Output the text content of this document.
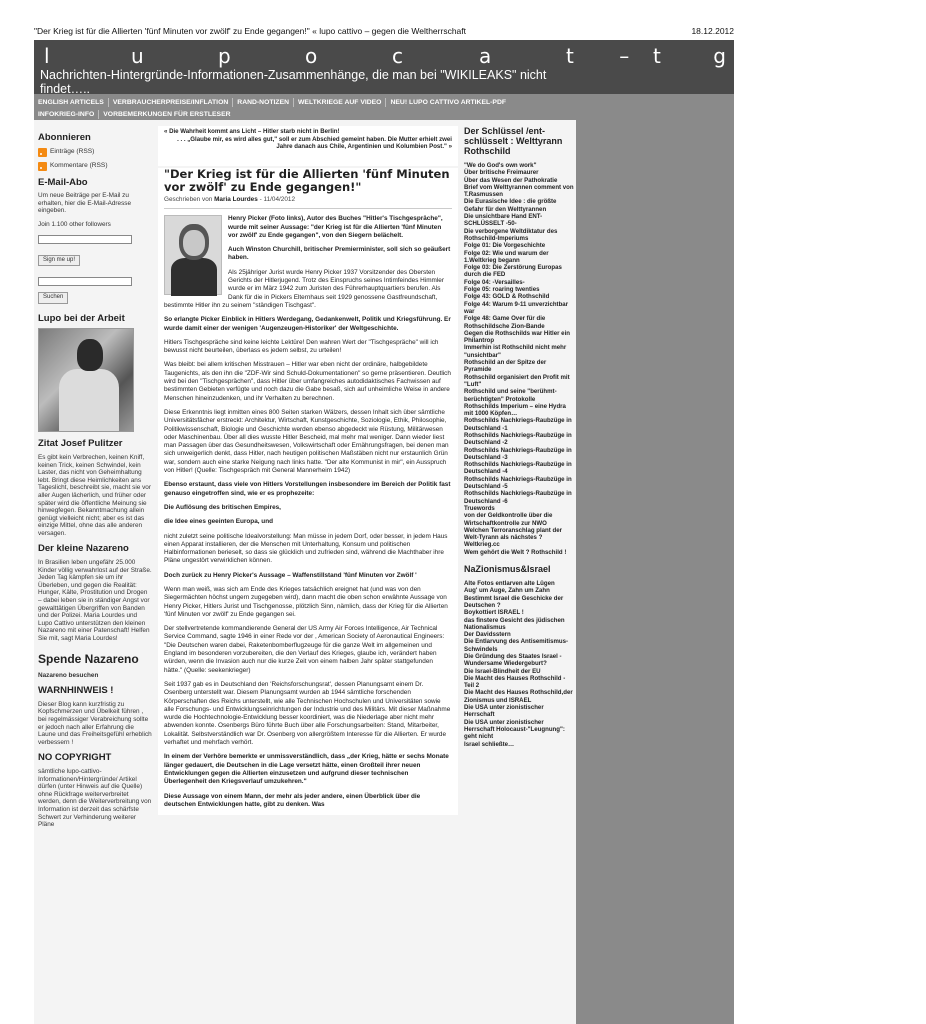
"Der Krieg ist für die Allierten 'fünf Minuten vor zwölf' zu Ende gegangen!" « lupo cattivo – gegen die Weltherrschaft	18.12.2012
l	u	p	o	c	a	t	t	i	v	o
–	g
Nachrichten-Hintergründe-Informationen-Zusammenhänge, die man bei "WIKILEAKS" nicht findet…..
ENGLISH ARTICELS	VERBRAUCHERPREISE/INFLATION	RAND-NOTIZEN	WELTKRIEGE AUF VIDEO	NEU! LUPO CATTIVO ARTIKEL-PDF
INFOKRIEG-INFO	VORBEMERKUNGEN FÜR ERSTLESER
Abonnieren
Einträge (RSS)
Kommentare (RSS)
E-Mail-Abo
Um neue Beiträge per E-Mail zu erhalten, hier die E-Mail-Adresse eingeben.
Join 1.100 other followers
Sign me up!
Suchen
Lupo bei der Arbeit
Zitat Josef Pulitzer
Es gibt kein Verbrechen, keinen Kniff, keinen Trick, keinen Schwindel, kein Laster, das nicht von Geheimhaltung lebt. Bringt diese Heimlichkeiten ans Tageslicht, beschreibt sie, macht sie vor aller Augen lächerlich, und früher oder später wird die öffentliche Meinung sie hinwegfegen. Bekanntmachung allein genügt vielleicht nicht; aber es ist das einzige Mittel, ohne das alle anderen versagen.
Der kleine Nazareno
In Brasilien leben ungefähr 25.000 Kinder völlig verwahrlost auf der Straße. Jeden Tag kämpfen sie um ihr Überleben, und gegen die Realität: Hunger, Kälte, Prostitution und Drogen – dabei leben sie in ständiger Angst vor gewalttätigen Übergriffen von Banden und der Polizei. Maria Lourdes und Lupo Cattivo unterstützen den kleinen Nazareno mit einer Patenschaft! Helfen Sie mit, sagt Maria Lourdes!
Spende Nazareno
Nazareno besuchen
WARNHINWEIS !
Dieser Blog kann kurzfristig zu Kopfschmerzen und Übelkeit führen , bei regelmässiger Verabreichung sollte er jedoch nach aller Erfahrung die Laune und das Freiheitsgefühl erheblich verbessern !
NO COPYRIGHT
sämtliche lupo-cattivo-Informationen/Hintergründe/ Artikel dürfen (unter Hinweis auf die Quelle) ohne Rückfrage weiterverbreitet werden, denn die Weiterverbreitung von Information ist derzeit das schärfste Schwert zur Verhinderung weiterer Pläne
« Die Wahrheit kommt ans Licht – Hitler starb nicht in Berlin!
. . . „Glaube mir, es wird alles gut," soll er zum Abschied gemeint haben. Die Mutter erhielt zwei Jahre danach aus Chile, Argentinien und Kolumbien Post." »
"Der Krieg ist für die Allierten 'fünf Minuten vor zwölf' zu Ende gegangen!"
Geschrieben von Maria Lourdes - 11/04/2012

Henry Picker (Foto links), Autor des Buches "Hitler's Tischgespräche", wurde mit seiner Aussage: "der Krieg ist für die Allierten 'fünf Minuten vor zwölf' zu Ende gegangen", von den Siegern belächelt.

Auch Winston Churchill, britischer Premierminister, soll sich so geäußert haben.

Als 25jähriger Jurist wurde Henry Picker 1937 Vorsitzender des Obersten Gerichts der Hitlerjugend. Trotz des Einspruchs seines Intimfeindes Himmler wurde er im März 1942 zum Juristen des Führerhauptquartiers berufen. Als Dank für die in Pickers Elternhaus seit 1929 genossene Gastfreundschaft, bestimmte Hitler ihn zu seinem "ständigen Tischgast".

So erlangte Picker Einblick in Hitlers Werdegang, Gedankenwelt, Politik und Kriegsführung. Er wurde damit einer der wenigen 'Augenzeugen-Historiker' der Weltgeschichte.

Hitlers Tischgespräche sind keine leichte Lektüre! Den wahren Wert der "Tischgespräche" will ich bewusst nicht beurteilen, überlass es jedem selbst, zu urteilen!

Was bleibt: bei allem kritischen Misstrauen – Hitler war eben nicht der ordinäre, halbgebildete Taugenichts, als den ihn die "ZDF-Wir sind Schuld-Dokumentationen" so gerne präsentieren. Deutlich wird bei den "Tischgesprächen", dass Hitler über umfangreiches autodidaktisches Fachwissen auf bestimmten Gebieten verfügte und noch dazu die Gabe besaß, sich auf unheimliche Weise in andere Menschen hineinzudenken, und ihr Verhalten zu berechnen.

Diese Erkenntnis liegt inmitten eines 800 Seiten starken Wälzers, dessen Inhalt sich über sämtliche Universitätsfächer erstreckt: Architektur, Wirtschaft, Kunstgeschichte, Soziologie, Ethik, Philosophie, Politikwissenschaft, Biologie und Geschichte werden ebenso abgedeckt wie Rüstung, Militärwesen oder Maschinenbau. Über all dies wusste Hitler Bescheid, mal mehr mal weniger. Dann wieder liest man Passagen über das Gesundheitswesen, Volkswirtschaft oder Ernährungsfragen, bei denen man sich unweigerlich denkt, dass Hitler, nach heutigen politischen Maßstäben nicht nur erstaunlich Grün war, sondern auch eine starke Neigung nach links hatte. "Der alte Kommunist in mir", ein Ausspruch von Hitler! (Quelle: Tischgespräch mit General Mannerheim 1942)

Ebenso erstaunt, dass viele von Hitlers Vorstellungen insbesondere im Bereich der Politik fast genauso eingetroffen sind, wie er es prophezeite:

Die Auflösung des britischen Empires,

die Idee eines geeinten Europa, und

nicht zuletzt seine politische Idealvorstellung: Man müsse in jedem Dorf, oder besser, in jedem Haus einen Apparat installieren, der die Menschen mit Unterhaltung, Konsum und politischen Halbinformationen berieselt, so dass sie glücklich und zufrieden sind, während die Machthaber ihre Pläne ungestört verwirklichen können.

Doch zurück zu Henry Picker's Aussage – Waffenstillstand 'fünf Minuten vor Zwölf '

Wenn man weiß, was sich am Ende des Krieges tatsächlich ereignet hat (und was von den Siegermächten höchst ungern zugegeben wird), dann macht die oben schon erwähnte Aussage von Henry Picker, Hitlers Jurist und Tischgenosse, plötzlich Sinn, nämlich, dass der Krieg für die Allierten 'fünf Minuten vor zwölf' zu Ende gegangen sei.

Der stellvertretende kommandierende General der US Army Air Forces Intelligence, Air Technical Service Command, sagte 1946 in einer Rede vor der , American Society of Aeronautical Engineers: "Die Deutschen waren dabei, Raketenbomberflugzeuge für die ganze Welt im allgemeinen und England im besonderen vorzubereiten, die den Verlauf des Krieges, glaube ich, verändert haben würden, wenn die Invasion auch nur die kurze Zeit von einem halben Jahr später stattgefunden hätte." (Quelle: seekenkrieger)

Seit 1937 gab es in Deutschland den 'Reichsforschungsrat', dessen Planungsamt einem Dr. Osenberg unterstellt war. Diesem Planungsamt wurden ab 1944 sämtliche forschenden Körperschaften des Reichs unterstellt, wie alle Technischen Hochschulen und Universitäten sowie alle Forschungs- und Entwicklungseinrichtungen der Industrie und des Militärs. Mit dieser Maßnahme wurde die Hochtechnologie-Entwicklung besser koordiniert, was die Niederlage aber nicht mehr abwenden konnte. Osenbergs Büro führte Buch über alle Forschungsarbeiten: Stand, Mitarbeiter, Lokalität. Selbstverständlich war Dr. Osenberg von allergrößtem Interesse für die Allierten. Er wurde verhaftet und mehrfach verhört.

In einem der Verhöre bemerkte er unmissverständlich, dass „der Krieg, hätte er sechs Monate länger gedauert, die Deutschen in die Lage versetzt hätte, einen Großteil ihrer neuen Entwicklungen gegen die Allierten einzusetzen und aufgrund dieser technischen Überlegenheit den Kriegsverlauf umzukehren."

Diese Aussage von einem Mann, der mehr als jeder andere, einen Überblick über die deutschen Entwicklungen hatte, gibt zu denken. Was

Der Schlüssel /ent-schlüsselt : Welttyrann Rothschild
"We do God's own work"
Über britische Freimaurer
Über das Wesen der Pathokratie
Brief vom Welttyrannen comment von T.Rasmussen
Die Eurasische Idee : die größte Gefahr für den Welttyrannen
Die unsichtbare Hand ENT-SCHLÜSSELT -50-
Die verborgene Weltdiktatur des Rothschild-Imperiums
Folge 01: Die Vorgeschichte
Folge 02: Wie und warum der 1.Weltkrieg begann
Folge 03: Die Zerstörung Europas durch die FED
Folge 04: -Versailles-
Folge 05: roaring twenties
Folge 43: GOLD & Rothschild
Folge 44: Warum 9-11 unverzichtbar war
Folge 48: Game Over für die Rothschildsche Zion-Bande
Gegen die Rothschilds war Hitler ein Philantrop
Immerhin ist Rothschild nicht mehr "unsichtbar"
Rothschild an der Spitze der Pyramide
Rothschild organisiert den Profit mit "Luft"
Rothschild und seine "berühmt-berüchtigten" Protokolle
Rothschilds Imperium – eine Hydra mit 1000 Köpfen…
Rothschilds Nachkriegs-Raubzüge in Deutschland -1
Rothschilds Nachkriegs-Raubzüge in Deutschland -2
Rothschilds Nachkriegs-Raubzüge in Deutschland -3
Rothschilds Nachkriegs-Raubzüge in Deutschland -4
Rothschilds Nachkriegs-Raubzüge in Deutschland -5
Rothschilds Nachkriegs-Raubzüge in Deutschland -6
Truewords
von der Geldkontrolle über die Wirtschaftkontrolle zur NWO
Welchen Terroranschlag plant der Welt-Tyrann als nächstes ?
Weltkrieg.cc
Wem gehört die Welt ? Rothschild !
NaZionismus&Israel
Alte Fotos entlarven alte Lügen
Aug' um Auge, Zahn um Zahn
Bestimmt Israel die Geschicke der Deutschen ?
Boykottiert ISRAEL !
das finstere Gesicht des jüdischen Nationalismus
Der Davidsstern
Die Entlarvung des Antisemitismus-Schwindels
Die Gründung des Staates Israel - Wundersame Wiedergeburt?
Die Israel-Blindheit der EU
Die Macht des Hauses Rothschild - Teil 2
Die Macht des Hauses Rothschild,der Zionismus und ISRAEL
Die USA unter zionistischer Herrschaft
Die USA unter zionistischer Herrschaft Holocaust-"Leugnung": geht nicht
Israel schließte…
